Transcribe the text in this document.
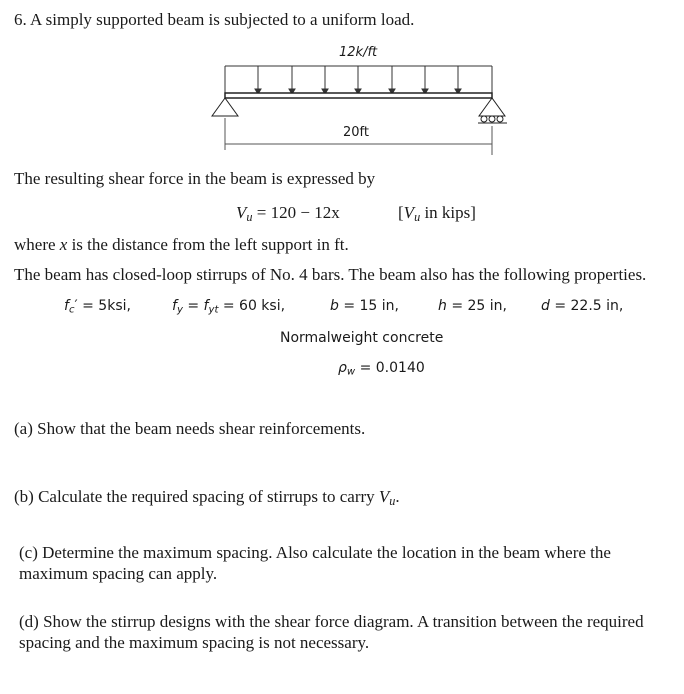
6. A simply supported beam is subjected to a uniform load.
12k/ft
20ft
The resulting shear force in the beam is expressed by
$V_u = 120 - 12x$	[$V_u$ in kips]
where x is the distance from the left support in ft.
The beam has closed-loop stirrups of No. 4 bars. The beam also has the following properties.
$f_c' = 5ksi$,	$f_y = f_{yt} = 60$ ksi,	b = 15 in,	h = 25 in, d = 22.5 in,
Normalweight concrete
$\rho_w = 0.0140$
(a) Show that the beam needs shear reinforcements.
(b) Calculate the required spacing of stirrups to carry $V_u$.
(c) Determine the maximum spacing. Also calculate the location in the beam where the maximum spacing can apply.
(d) Show the stirrup designs with the shear force diagram. A transition between the required spacing and the maximum spacing is not necessary.
